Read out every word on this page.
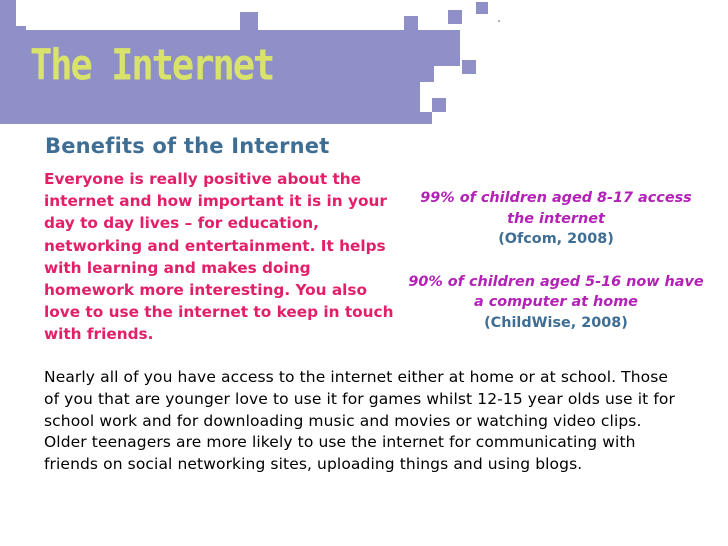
The Internet
Benefits of the Internet
Everyone is really positive about the internet and how important it is in your day to day lives – for education, networking and entertainment. It helps with learning and makes doing homework more interesting. You also love to use the internet to keep in touch with friends.
99% of children aged 8-17 access the internet
(Ofcom, 2008)
90% of children aged 5-16 now have a computer at home
(ChildWise, 2008)
Nearly all of you have access to the internet either at home or at school. Those of you that are younger love to use it for games whilst 12-15 year olds use it for school work and for downloading music and movies or watching video clips. Older teenagers are more likely to use the internet for communicating with friends on social networking sites, uploading things and using blogs.
